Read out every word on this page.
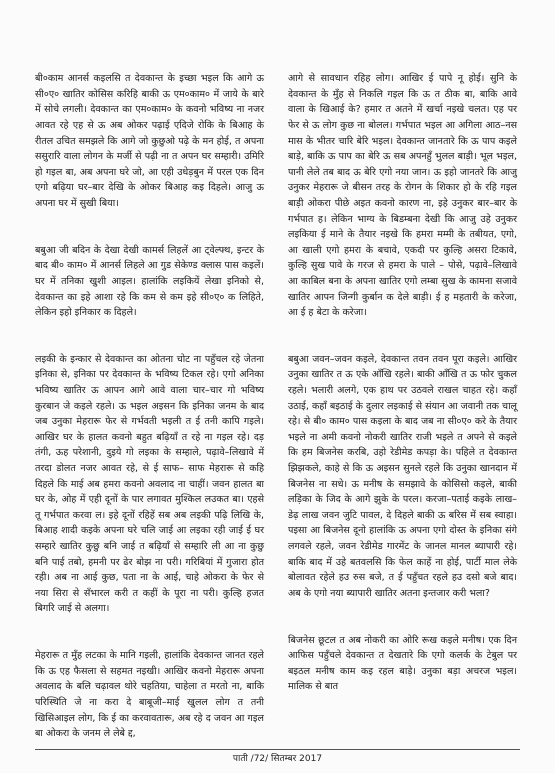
बी०काम आनर्स कइलसि त देवकान्त के इच्छा भइल कि आगे ऊ सी०ए० खातिर कोसिस करिहि बाकी ऊ एम०काम० में जाये के बारे में सोचे लगली। देवकान्त का एम०काम० के कवनो भविष्य ना नजर आवत रहे एह से ऊ अब ओकर पढ़ाई एदिजे रोकि के बिआह के रीतल उचित समझले कि आगे जो कुछुओ पढ़े के मन होई, त अपना ससुरारि वाला लोगन के मर्जी से पढ़ी ना त अपन घर सम्हारी। उमिरि हो गइल बा, अब अपना घरे जो, आ एही उधेड़बुन में परल एक दिन एगो बढ़िया घर–बार देखि के ओकर बिआह कइ दिहले। आजु ऊ अपना घर में सुखी बिया।

बबुआ जी बदिन के देखा देखी कामर्स लिहलें आ ट्वेल्फ्थ, इन्टर के बाद बी० काम० में आनर्स लिहले आ गुड सेकेण्ड क्लास पास कइलें। घर में तनिका खुशी आइल। हालांकि लइकियें लेखा इनिको से, देवकान्त का इहे आशा रहे कि कम से कम इहे सी०ए० क लिहिते, लेकिन इहो इनिकार क दिहले।

लइकी के इन्कार से देवकान्त का ओतना चोट ना पहुँचल रहे जेतना इनिका से, इनिका पर देवकान्त के भविष्य टिकल रहे। एगो अनिका भविष्य खातिर ऊ आपन आगे आवे वाला चार–चार गो भविष्य कुरबान जे कइले रहले। ऊ भइल अइसन कि इनिका जनम के बाद जब उनुका मेहरारू फेर से गर्भवती भइली त ई तनी कापि गइले। आखिर घर के हालत कवनो बहुत बढ़ियाँ त रहे ना गइल रहे। दड़ तंगी, ऊह परेशानी, दुइये गो लइका के सम्हाले, पढ़ावे–लिखावे में तरदा डोलत नजर आवत रहे, से ई साफ– साफ मेहरारू से कहि दिहले कि माई अब हमरा कवनो अवलाद ना चाहीं। जवन हालत बा घर के, ओह में एही दूनों के पार लगावत मुश्किल लउकत बा। एहसे तू गर्भपात करवा ल। इहे दूनों रहिहें सब अब लइकी पढ़ि लिखि के, बिआह शादी कइके अपना घरे चलि जाई आ लइका रही जाई ई घर सम्हारे खातिर कुछु बनि जाई त बढ़ियाँ से सम्हारि ली आ ना कुछु बनि पाई तबो, हमनी पर ढेर बोझ ना परी। गरिबियां में गुजारा होत रही। अब ना आई कुछ, पता ना के आई, चाहे ओकरा के फेर से नया सिरा से सँभारल करी त कहीं के पूरा ना परी। कुल्हि हजत बिगरि जाई से अलगा।

मेहरारू त मुँह लटका के मानि गइली, हालांकि देवकान्त जानत रहले कि ऊ एह फैसला से सहमत नइखी। आखिर कवनो मेहरारू अपना अवलाद के बलि चढ़ावल थोरे चहतिया, चाहेला त मरतो ना, बाकि परिस्थिति जे ना करा दे बाबूजी–माई खुलल लोग त तनी खिसिआइल लोग, कि ई का करवावतारू, अब रहे द जवन आ गइल बा ओकरा के जनम ले लेबे द्द,

आगे से सावधान रहिह लोग। आखिर ई पापे नू होई। सुनि के देवकान्त के मुँह से निकलि गइल कि ऊ त ठीक बा, बाकि आवे वाला के खिआई के? हमार त अतने में खर्चा नइखे चलत। एह पर फेर से ऊ लोग कुछ ना बोलल। गर्भपात भइल आ अगिला आठ–नस मास के भीतर चारि बेरि भइल। देवकान्त जानतारे कि ऊ पाप कइले बाड़े, बाकि ऊ पाप का बेरि ऊ सब अपनहुँ भुलल बाड़ी। भूल भइल, पानी लेले तब बाद ऊ बेरि एगो नया जान। ऊ इहो जानतरे कि आजु उनुकर मेहरारू जे बीसन तरह के रोगन के शिकार हो के रहि गइल बाड़ी ओकरा पीछे अइत कवनो कारण ना, इहे उनुकर बार–बार के गर्भपात ह। लेकिन भाग्य के बिडम्बना देखी कि आजु उहे उनुकर लइकिया ई माने के तैयार नइखे कि हमरा मम्मी के तबीयत, एगो, आ खाली एगो हमरा के बचावे, एकदी पर कुल्हि असरा टिकावे, कुल्हि सुख पावे के गरज से हमरा के पाले – पोसे, पढ़ावे–लिखावे आ काबिल बना के अपना खातिर एगो लम्बा सुख के कामना सजावे खातिर आपन जिन्गी कुर्बान क देले बाड़ी। ई ह महतारी के करेजा, आ ई ह बेटा के करेजा।

बबुआ जवन–जवन कइले, देवकान्त तवन तवन पूरा कइले। आखिर उनुका खातिर त ऊ एके आँखि रहले। बाकी आँखि त ऊ फोर चुकल रहले। भलारी अलगे, एक हाथ पर उठवले राखल चाहत रहे। कहाँ उठाई, कहाँ बइठाई के दुलार लइकाई से संयान आ जवानी तक चालू रहे। से बी० काम० पास कइला के बाद जब ना सी०ए० करे के तैयार भइले ना अमी कवनो नोकरी खातिर राजी भइले त अपने से कइले कि हम बिजनेस करबि, उहो रेडीमेड कपड़ा के। पहिले त देवकान्त झिझकले, काहे से कि ऊ अइसन सुनले रहले कि उनुका खानदान में बिजनेस ना सधे। ऊ मनीष के समझावे के कोसिसो कइले, बाकी लड़िका के जिद के आगे झुके के परल। करजा–पताई कइके लाख–डेढ़ लाख जवन जुटि पावल, दे दिहले बाकी ऊ बरिस में सब स्वाहा। पइसा आ बिजनेस दूनो हालांकि ऊ अपना एगो दोस्त के इनिका संगे लगवले रहले, जवन रेडीमेड गारमेंट के जानल मानल ब्यापारी रहे। बाकि बाद में उहे बतवलसि कि फेल काहें ना होई, पार्टी माल लेके बोलावत रहेले हउ रुस बजे, त ई पहुँचत रहले हउ दसो बजे बाद। अब के एगो नया ब्यापारी खातिर अतना इन्तजार करी भला?

बिजनेस छूटल त अब नोकरी का ओरि रूख कइले मनीष। एक दिन आफिस पहुँचले देवकान्त त देखतारे कि एगो कलर्क के टेबुल पर बइठल मनीष काम कइ रहल बाड़े। उनुका बड़ा अचरज भइल। मालिक से बात

पाती /72/ सितम्बर 2017
